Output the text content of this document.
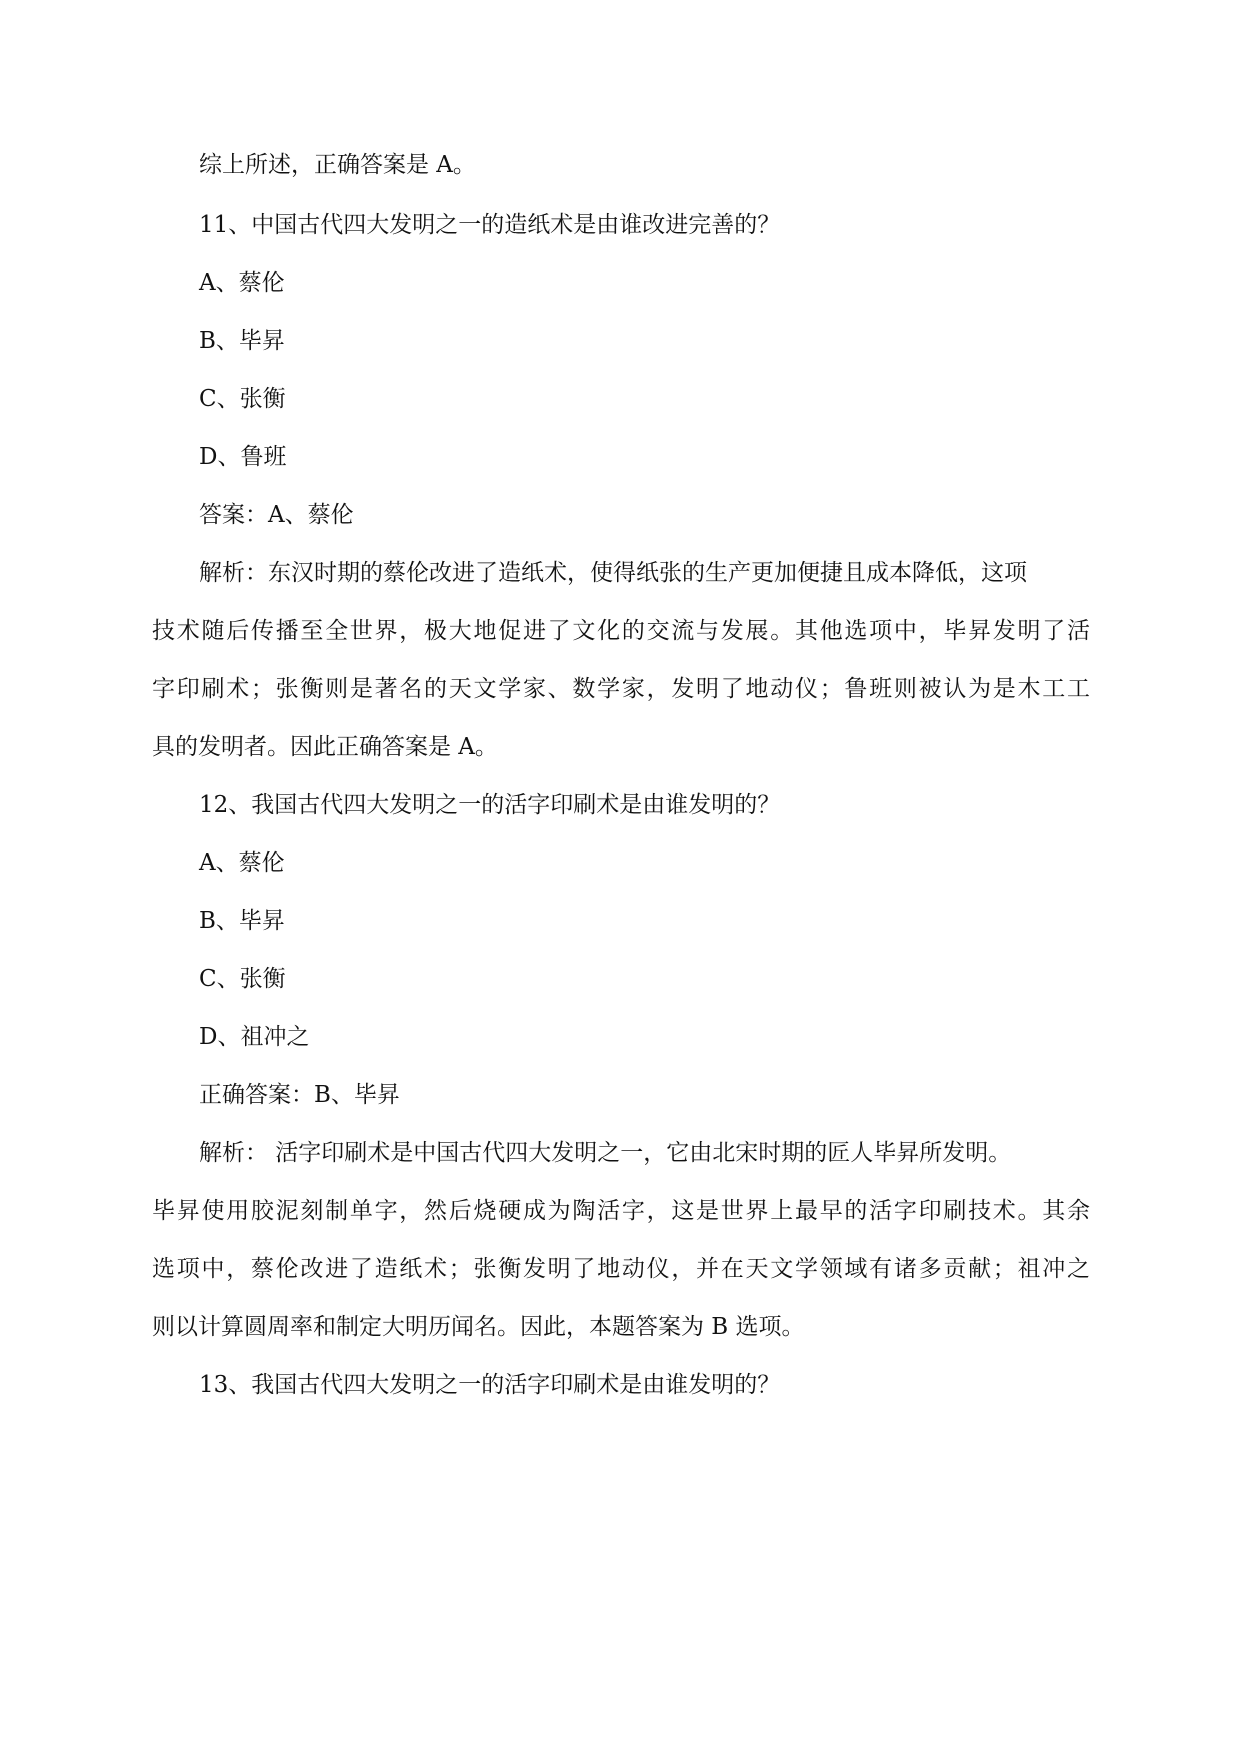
综上所述，正确答案是 A。
11、中国古代四大发明之一的造纸术是由谁改进完善的？
A、蔡伦
B、毕昇
C、张衡
D、鲁班
答案：A、蔡伦
解析：东汉时期的蔡伦改进了造纸术，使得纸张的生产更加便捷且成本降低，这项
技术随后传播至全世界，极大地促进了文化的交流与发展。其他选项中，毕昇发明了活
字印刷术；张衡则是著名的天文学家、数学家，发明了地动仪；鲁班则被认为是木工工
具的发明者。因此正确答案是 A。
12、我国古代四大发明之一的活字印刷术是由谁发明的？
A、蔡伦
B、毕昇
C、张衡
D、祖冲之
正确答案：B、毕昇
解析： 活字印刷术是中国古代四大发明之一，它由北宋时期的匠人毕昇所发明。
毕昇使用胶泥刻制单字，然后烧硬成为陶活字，这是世界上最早的活字印刷技术。其余
选项中，蔡伦改进了造纸术；张衡发明了地动仪，并在天文学领域有诸多贡献；祖冲之
则以计算圆周率和制定大明历闻名。因此，本题答案为 B 选项。
13、我国古代四大发明之一的活字印刷术是由谁发明的？
